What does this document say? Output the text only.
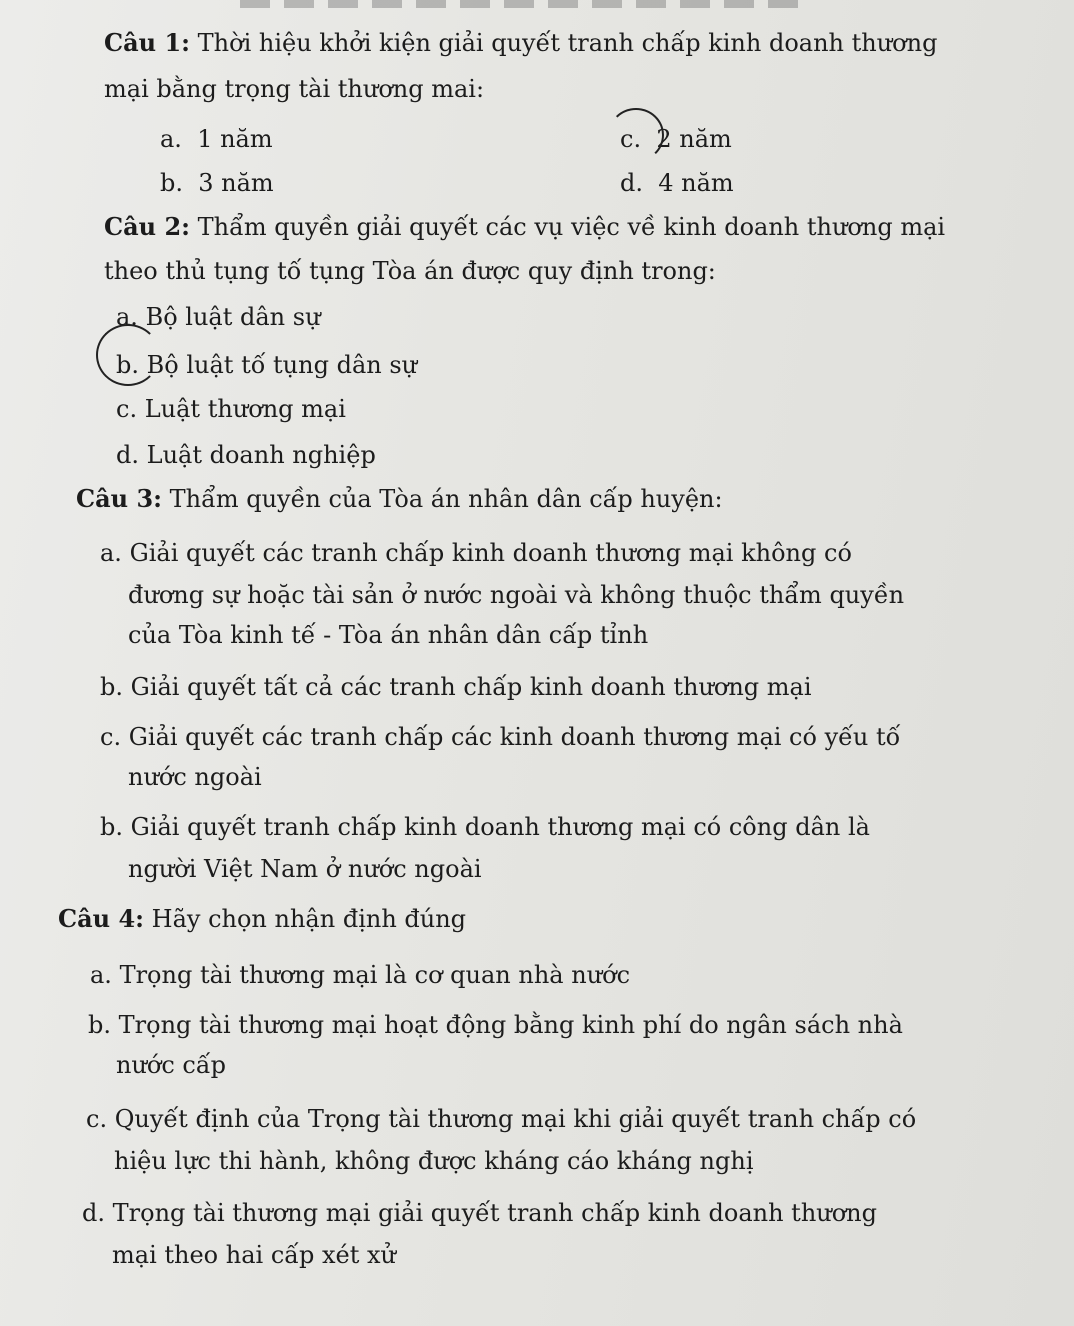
Câu 1: Thời hiệu khởi kiện giải quyết tranh chấp kinh doanh thương

mại bằng trọng tài thương mai:

a. 1 năm	c. 2 năm

b. 3 năm	d. 4 năm

Câu 2: Thẩm quyền giải quyết các vụ việc về kinh doanh thương mại

theo thủ tụng tố tụng Tòa án được quy định trong:

a. Bộ luật dân sự

b. Bộ luật tố tụng dân sự

c. Luật thương mại

d. Luật doanh nghiệp

Câu 3: Thẩm quyền của Tòa án nhân dân cấp huyện:

a. Giải quyết các tranh chấp kinh doanh thương mại không có

đương sự hoặc tài sản ở nước ngoài và không thuộc thẩm quyền

của Tòa kinh tế - Tòa án nhân dân cấp tỉnh

b. Giải quyết tất cả các tranh chấp kinh doanh thương mại

c. Giải quyết các tranh chấp các kinh doanh thương mại có yếu tố

nước ngoài

b. Giải quyết tranh chấp kinh doanh thương mại có công dân là

người Việt Nam ở nước ngoài

Câu 4: Hãy chọn nhận định đúng

a. Trọng tài thương mại là cơ quan nhà nước

b. Trọng tài thương mại hoạt động bằng kinh phí do ngân sách nhà

nước cấp

c. Quyết định của Trọng tài thương mại khi giải quyết tranh chấp có

hiệu lực thi hành, không được kháng cáo kháng nghị

d. Trọng tài thương mại giải quyết tranh chấp kinh doanh thương

mại theo hai cấp xét xử
